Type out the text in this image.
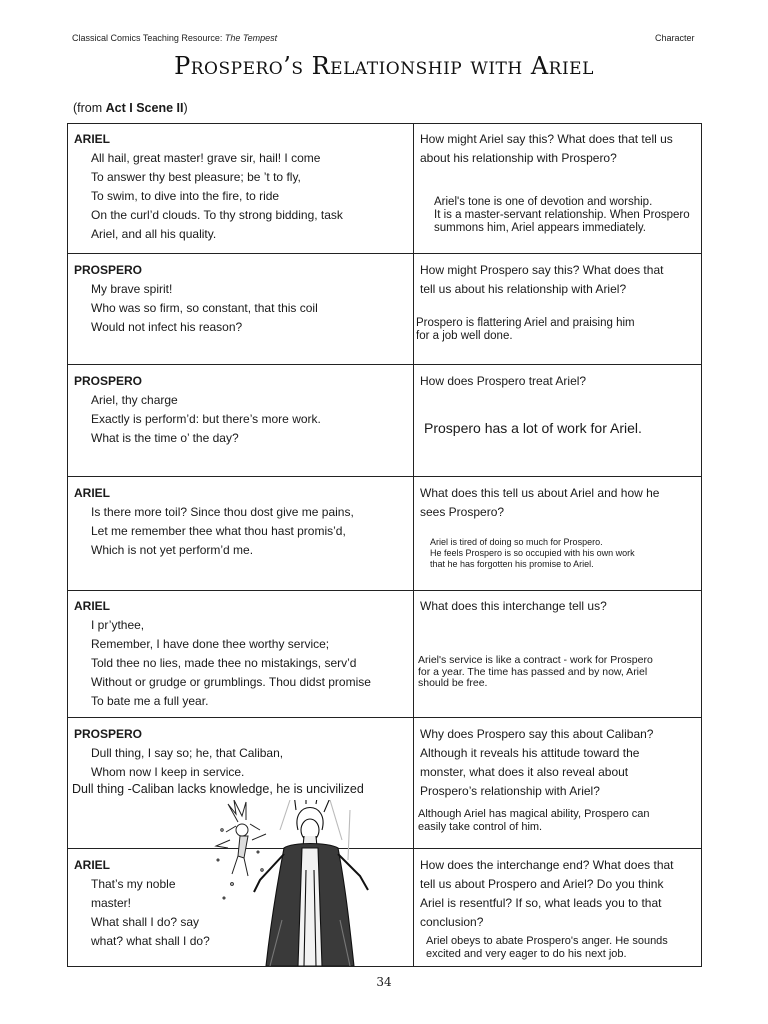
Classical Comics Teaching Resource: The Tempest	Character
Prospero’s Relationship with Ariel
(from Act I Scene II)
ARIEL
All hail, great master! grave sir, hail! I come
To answer thy best pleasure; be ’t to fly,
To swim, to dive into the fire, to ride
On the curl’d clouds. To thy strong bidding, task
Ariel, and all his quality.
How might Ariel say this? What does that tell us
about his relationship with Prospero?
Ariel's tone is one of devotion and worship.
It is a master-servant relationship. When Prospero
summons him, Ariel appears immediately.
PROSPERO
My brave spirit!
Who was so firm, so constant, that this coil
Would not infect his reason?
How might Prospero say this? What does that
tell us about his relationship with Ariel?
Prospero is flattering Ariel and praising him
for a job well done.
PROSPERO
Ariel, thy charge
Exactly is perform’d: but there’s more work.
What is the time o’ the day?
How does Prospero treat Ariel?
Prospero has a lot of work for Ariel.
ARIEL
Is there more toil? Since thou dost give me pains,
Let me remember thee what thou hast promis’d,
Which is not yet perform’d me.
What does this tell us about Ariel and how he
sees Prospero?
Ariel is tired of doing so much for Prospero.
He feels Prospero is so occupied with his own work
that he has forgotten his promise to Ariel.
ARIEL
I pr’ythee,
Remember, I have done thee worthy service;
Told thee no lies, made thee no mistakings, serv’d
Without or grudge or grumblings. Thou didst promise
To bate me a full year.
What does this interchange tell us?
Ariel's service is like a contract - work for Prospero
for a year. The time has passed and by now, Ariel
should be free.
PROSPERO
Dull thing, I say so; he, that Caliban,
Whom now I keep in service.
Dull thing -Caliban lacks knowledge, he is uncivilized
Why does Prospero say this about Caliban?
Although it reveals his attitude toward the
monster, what does it also reveal about
Prospero’s relationship with Ariel?
Although Ariel has magical ability, Prospero can
easily take control of him.
ARIEL
That’s my noble
master!
What shall I do? say
what? what shall I do?
How does the interchange end? What does that
tell us about Prospero and Ariel? Do you think
Ariel is resentful? If so, what leads you to that
conclusion?
Ariel obeys to abate Prospero's anger. He sounds
excited and very eager to do his next job.
34
